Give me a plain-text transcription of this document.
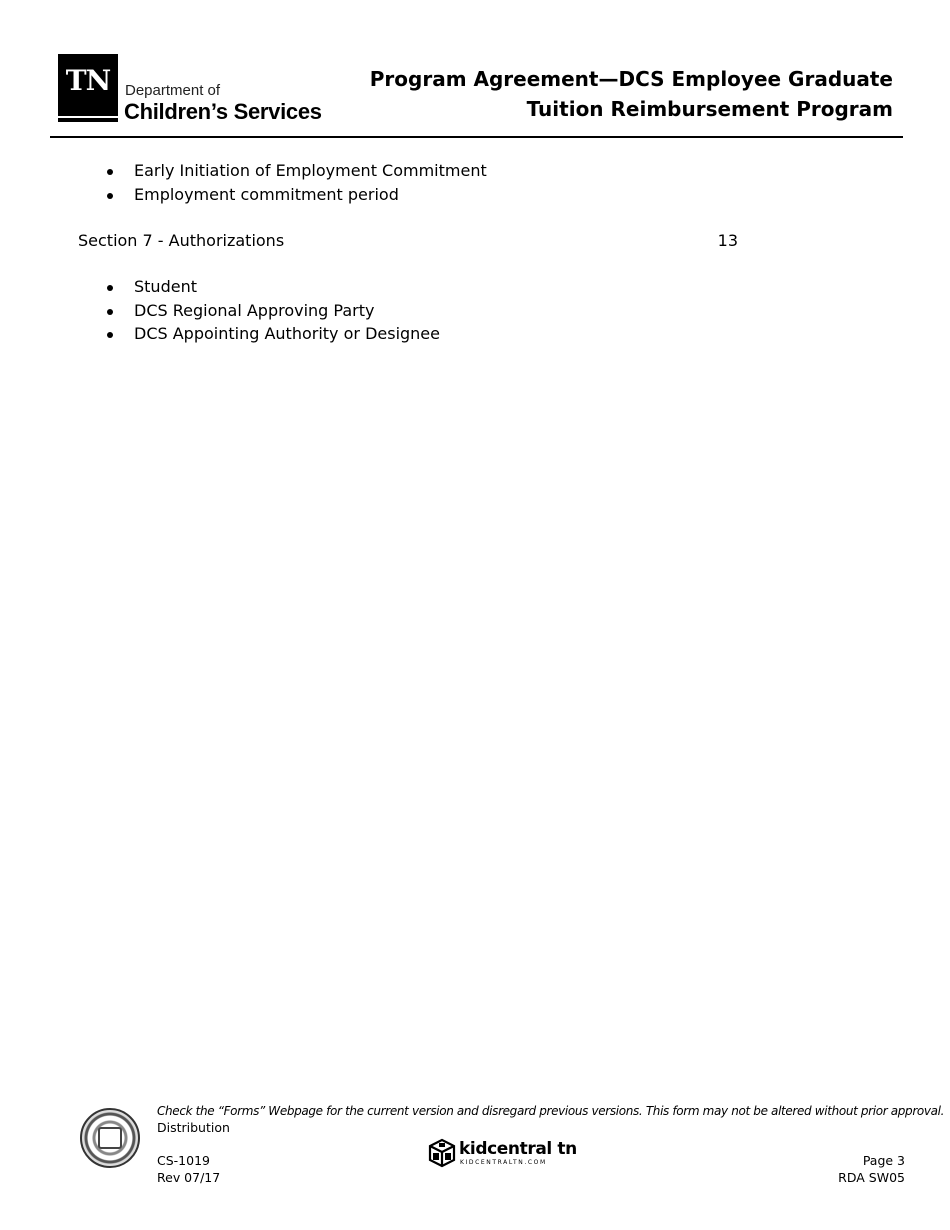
TN Department of
Children’s Services
Program Agreement—DCS Employee Graduate
Tuition Reimbursement Program
Early Initiation of Employment Commitment
Employment commitment period
Section 7 - Authorizations	13
Student
DCS Regional Approving Party
DCS Appointing Authority or Designee
Check the “Forms” Webpage for the current version and disregard previous versions. This form may not be altered without prior approval.
Distribution
CS-1019
Rev 07/17
kidcentral tn
KIDCENTRALTN.COM	Page 3
RDA SW05
